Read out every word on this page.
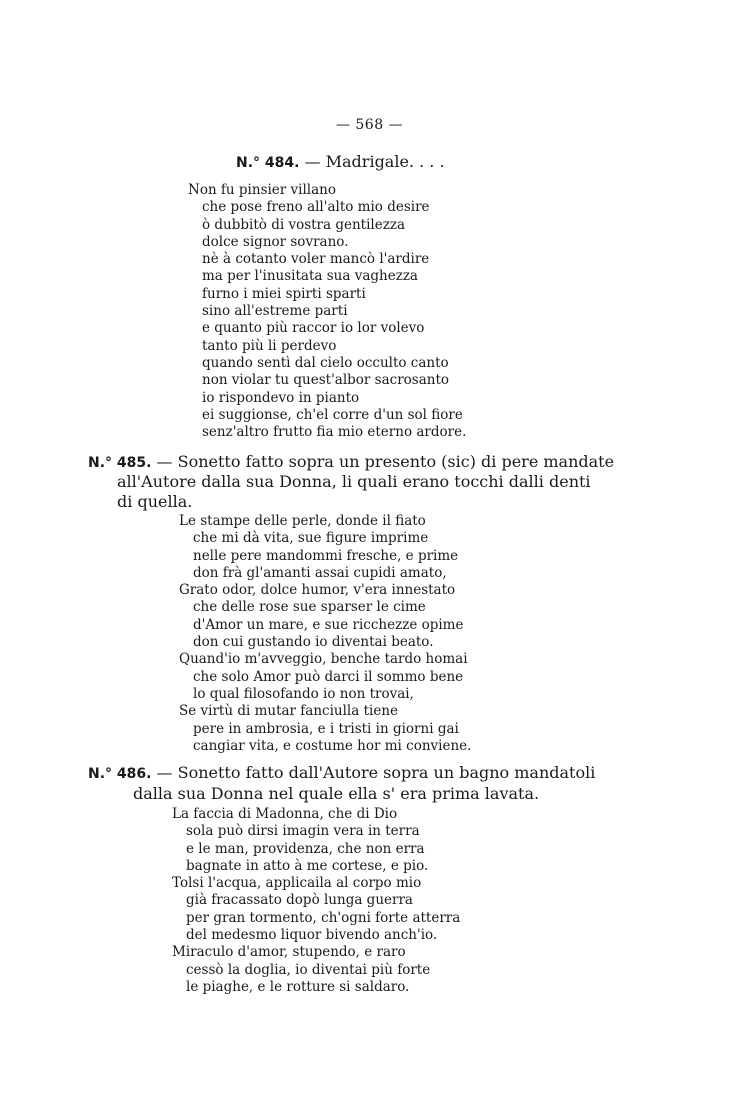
— 568 —
N.° 484. — Madrigale. . . .
Non fu pinsier villano
che pose freno all'alto mio desire
ò dubbitò di vostra gentilezza
dolce signor sovrano.
nè à cotanto voler mancò l'ardire
ma per l'inusitata sua vaghezza
furno i miei spirti sparti
sino all'estreme parti
e quanto più raccor io lor volevo
tanto più li perdevo
quando sentì dal cielo occulto canto
non violar tu quest'albor sacrosanto
io rispondevo in pianto
ei suggionse, ch'el corre d'un sol fiore
senz'altro frutto fia mio eterno ardore.
N.° 485. — Sonetto fatto sopra un presento (sic) di pere mandate
all'Autore dalla sua Donna, li quali erano tocchi dalli denti
di quella.
Le stampe delle perle, donde il fiato
che mi dà vita, sue figure imprime
nelle pere mandommi fresche, e prime
don frà gl'amanti assai cupidi amato,
Grato odor, dolce humor, v'era innestato
che delle rose sue sparser le cime
d'Amor un mare, e sue ricchezze opime
don cui gustando io diventai beato.
Quand'io m'avveggio, benche tardo homai
che solo Amor può darci il sommo bene
lo qual filosofando io non trovai,
Se virtù di mutar fanciulla tiene
pere in ambrosia, e i tristi in giorni gai
cangiar vita, e costume hor mi conviene.
N.° 486. — Sonetto fatto dall'Autore sopra un bagno mandatoli
dalla sua Donna nel quale ella s' era prima lavata.
La faccia di Madonna, che di Dio
sola può dirsi imagin vera in terra
e le man, providenza, che non erra
bagnate in atto à me cortese, e pio.
Tolsi l'acqua, applicaila al corpo mio
già fracassato dopò lunga guerra
per gran tormento, ch'ogni forte atterra
del medesmo liquor bivendo anch'io.
Miraculo d'amor, stupendo, e raro
cessò la doglia, io diventai più forte
le piaghe, e le rotture si saldaro.
